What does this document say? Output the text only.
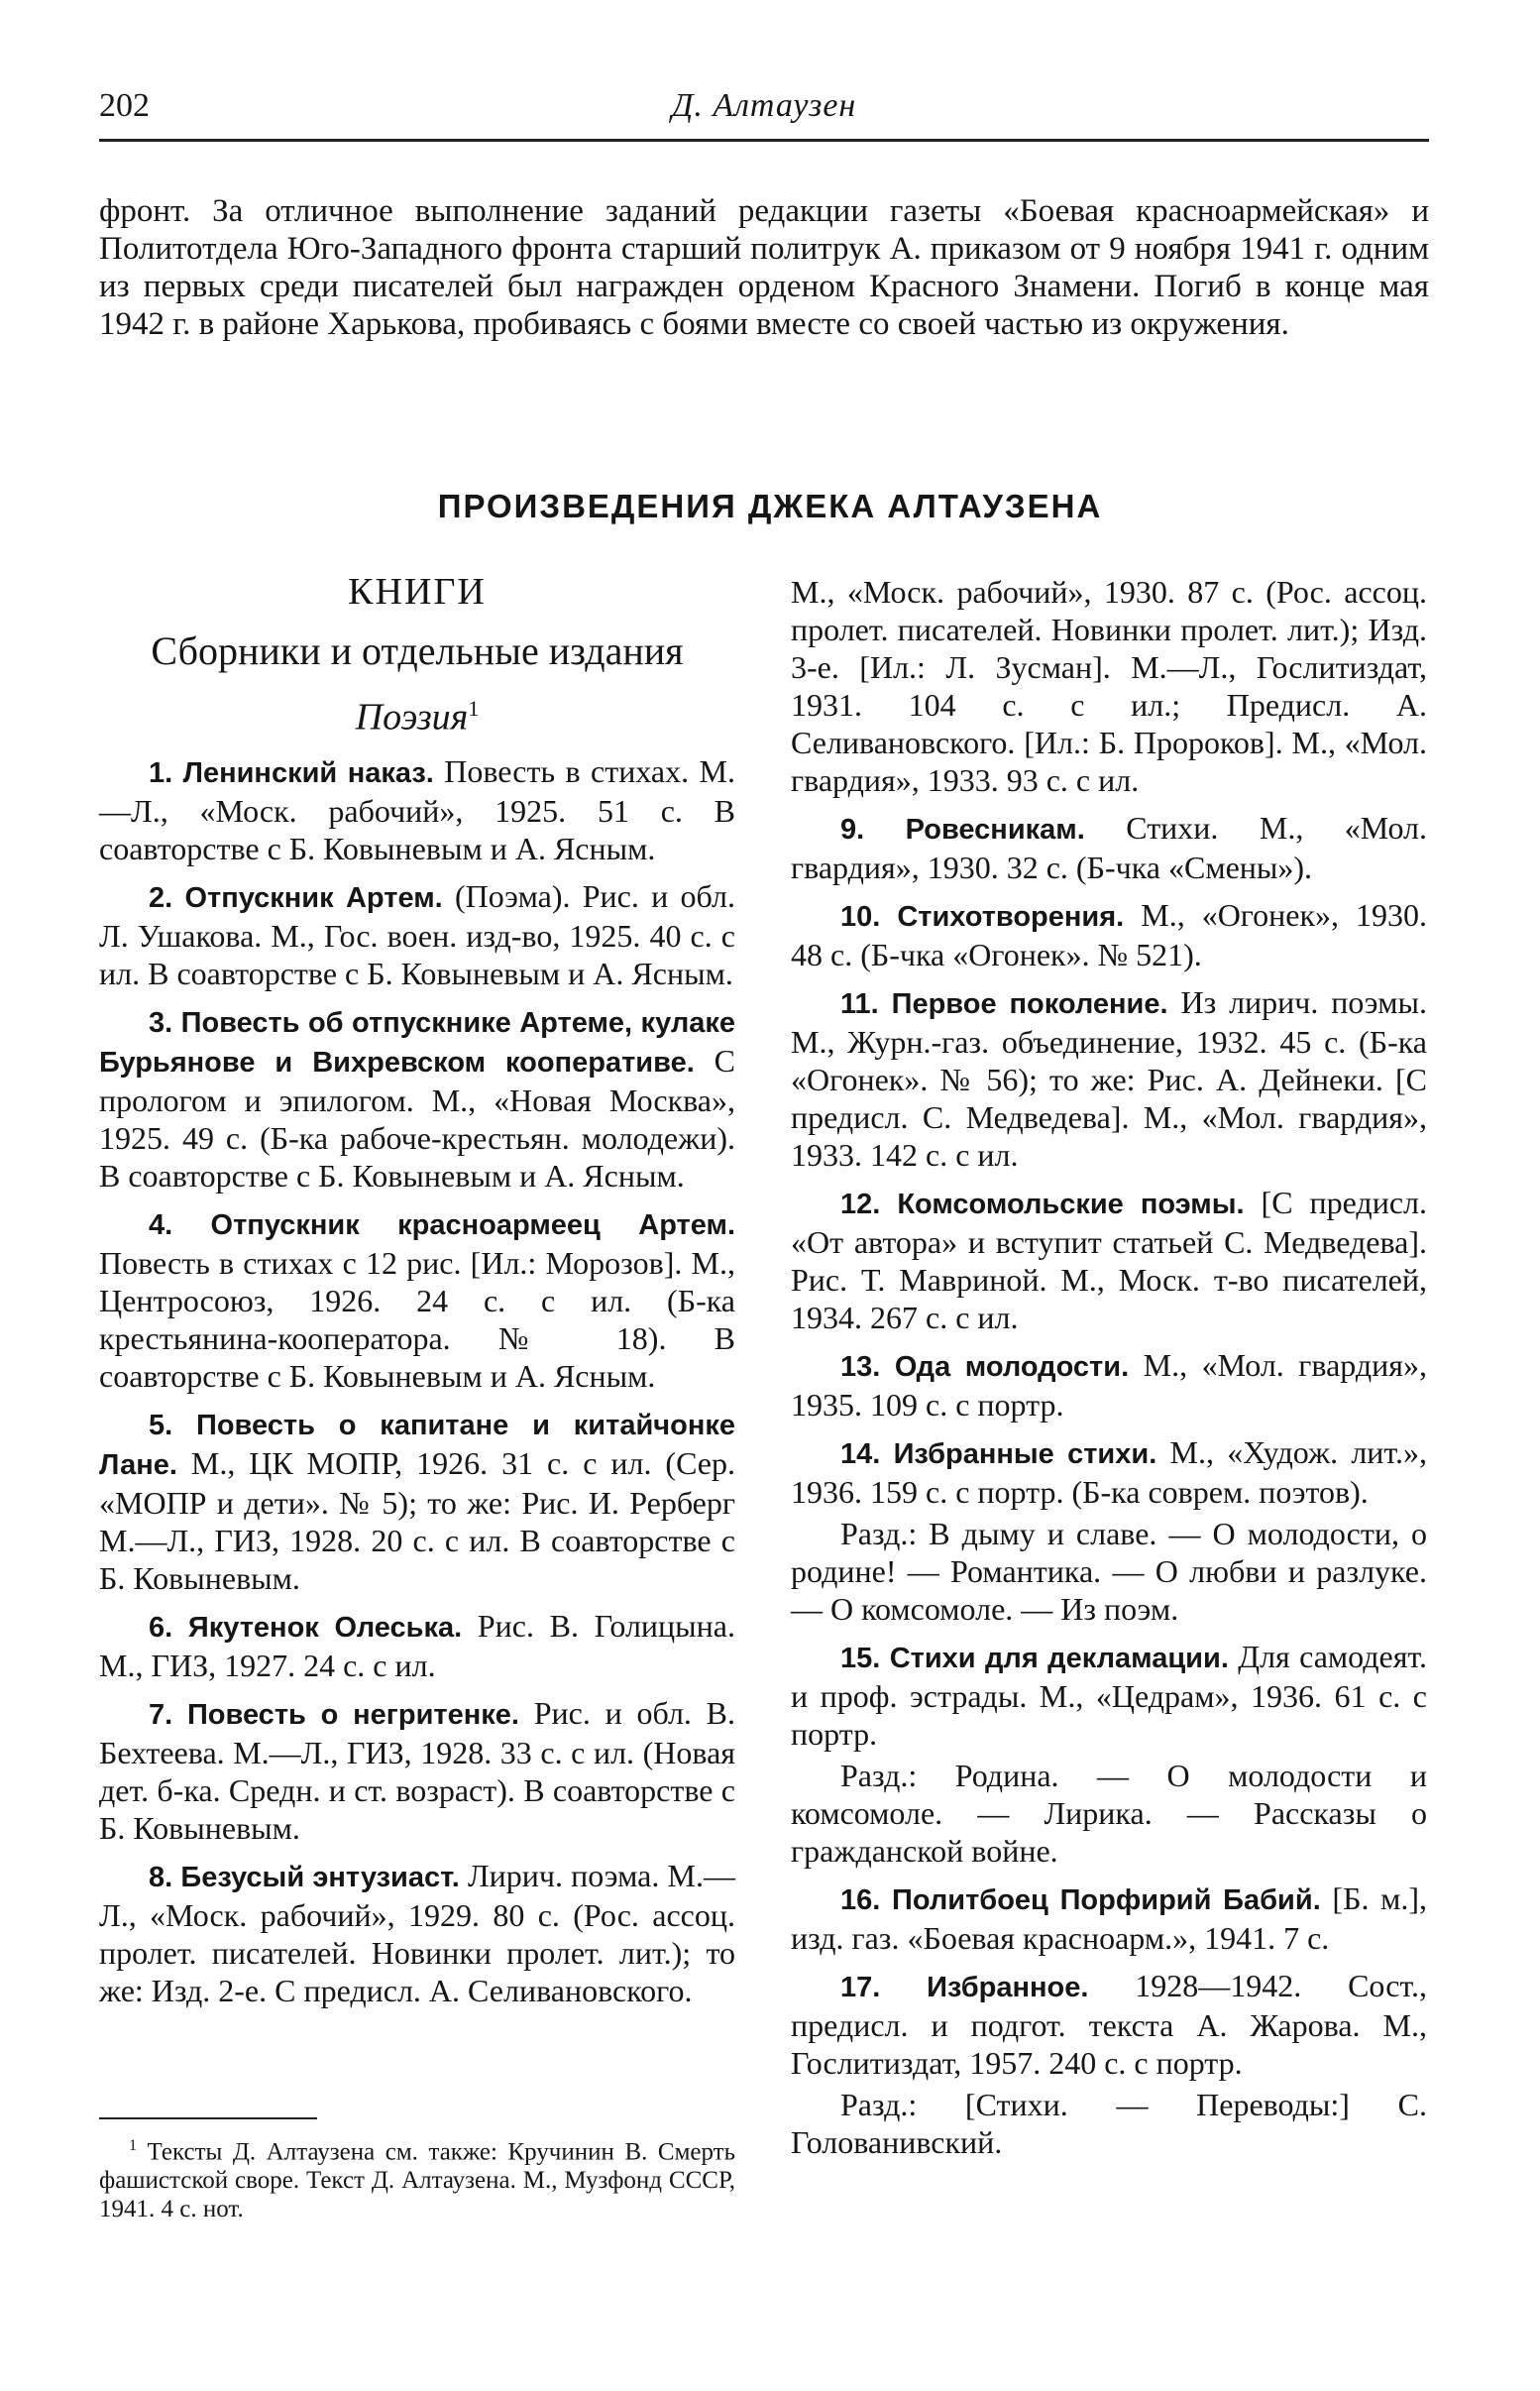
202	Д. Алтаузен
фронт. За отличное выполнение заданий редакции газеты «Боевая красноармейская» и Политотдела Юго-Западного фронта старший политрук А. приказом от 9 ноября 1941 г. одним из первых среди писателей был награжден орденом Красного Знамени. Погиб в конце мая 1942 г. в районе Харькова, пробиваясь с боями вместе со своей частью из окружения.
ПРОИЗВЕДЕНИЯ ДЖЕКА АЛТАУЗЕНА
КНИГИ
Сборники и отдельные издания
Поэзия$^1$

1. Ленинский наказ. Повесть в стихах. М.—Л., «Моск. рабочий», 1925. 51 с. В соавторстве с Б. Ковыневым и А. Ясным.

2. Отпускник Артем. (Поэма). Рис. и обл. Л. Ушакова. М., Гос. воен. изд-во, 1925. 40 с. с ил. В соавторстве с Б. Ковыневым и А. Ясным.

3. Повесть об отпускнике Артеме, кулаке Бурьянове и Вихревском кооперативе. С прологом и эпилогом. М., «Новая Москва», 1925. 49 с. (Б-ка рабоче-крестьян. молодежи). В соавторстве с Б. Ковыневым и А. Ясным.

4. Отпускник красноармеец Артем. Повесть в стихах с 12 рис. [Ил.: Морозов]. М., Центросоюз, 1926. 24 с. с ил. (Б-ка крестьянина-кооператора. № 18). В соавторстве с Б. Ковыневым и А. Ясным.

5. Повесть о капитане и китайчонке Лане. М., ЦК МОПР, 1926. 31 с. с ил. (Сер. «МОПР и дети». № 5); то же: Рис. И. Рерберг М.—Л., ГИЗ, 1928. 20 с. с ил. В соавторстве с Б. Ковыневым.

6. Якутенок Олеська. Рис. В. Голицына. М., ГИЗ, 1927. 24 с. с ил.

7. Повесть о негритенке. Рис. и обл. В. Бехтеева. М.—Л., ГИЗ, 1928. 33 с. с ил. (Новая дет. б-ка. Средн. и ст. возраст). В соавторстве с Б. Ковыневым.

8. Безусый энтузиаст. Лирич. поэма. М.—Л., «Моск. рабочий», 1929. 80 с. (Рос. ассоц. пролет. писателей. Новинки пролет. лит.); то же: Изд. 2-е. С предисл. А. Селивановского.

М., «Моск. рабочий», 1930. 87 с. (Рос. ассоц. пролет. писателей. Новинки пролет. лит.); Изд. 3-е. [Ил.: Л. Зусман]. М.—Л., Гослитиздат, 1931. 104 с. с ил.; Предисл. А. Селивановского. [Ил.: Б. Пророков]. М., «Мол. гвардия», 1933. 93 с. с ил.

9. Ровесникам. Стихи. М., «Мол. гвардия», 1930. 32 с. (Б-чка «Смены»).

10. Стихотворения. М., «Огонек», 1930. 48 с. (Б-чка «Огонек». № 521).

11. Первое поколение. Из лирич. поэмы. М., Журн.-газ. объединение, 1932. 45 с. (Б-ка «Огонек». № 56); то же: Рис. А. Дейнеки. [С предисл. С. Медведева]. М., «Мол. гвардия», 1933. 142 с. с ил.

12. Комсомольские поэмы. [С предисл. «От автора» и вступит статьей С. Медведева]. Рис. Т. Мавриной. М., Моск. т-во писателей, 1934. 267 с. с ил.

13. Ода молодости. М., «Мол. гвардия», 1935. 109 с. с портр.

14. Избранные стихи. М., «Худож. лит.», 1936. 159 с. с портр. (Б-ка соврем. поэтов).

Разд.: В дыму и славе. — О молодости, о родине! — Романтика. — О любви и разлуке. — О комсомоле. — Из поэм.

15. Стихи для декламации. Для самодеят. и проф. эстрады. М., «Цедрам», 1936. 61 с. с портр.

Разд.: Родина. — О молодости и комсомоле. — Лирика. — Рассказы о гражданской войне.

16. Политбоец Порфирий Бабий. [Б. м.], изд. газ. «Боевая красноарм.», 1941. 7 с.

17. Избранное. 1928—1942. Сост., предисл. и подгот. текста А. Жарова. М., Гослитиздат, 1957. 240 с. с портр.

Разд.: [Стихи. — Переводы:] С. Голованивский.

$^1$ Тексты Д. Алтаузена см. также: Кручинин В. Смерть фашистской своре. Текст Д. Алтаузена. М., Музфонд СССР, 1941. 4 с. нот.
